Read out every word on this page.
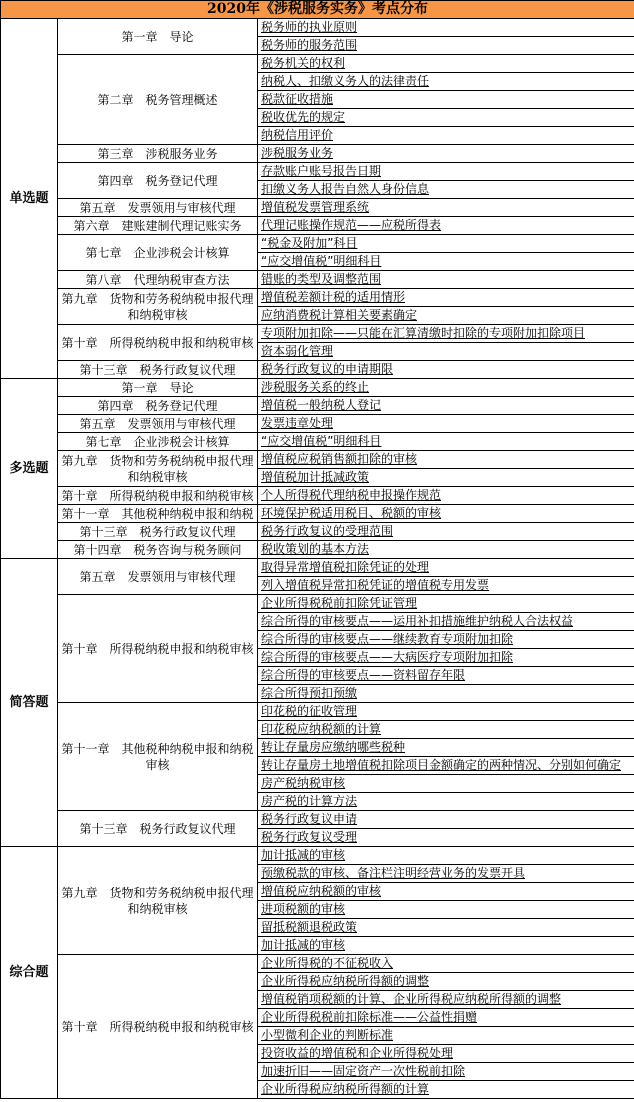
2020年《涉税服务实务》考点分布		
单选题	第一章　导论	税务师的执业原则
		税务师的服务范围
	第二章　税务管理概述	税务机关的权利
		纳税人、扣缴义务人的法律责任
		税款征收措施
		税收优先的规定
		纳税信用评价
	第三章　涉税服务业务	涉税服务业务
	第四章　税务登记代理	存款账户账号报告日期
		扣缴义务人报告自然人身份信息
	第五章　发票领用与审核代理	增值税发票管理系统
	第六章　建账建制代理记账实务	代理记账操作规范——应税所得表
	第七章　企业涉税会计核算	“税金及附加”科目
		“应交增值税”明细科目
	第八章　代理纳税审查方法	错账的类型及调整范围
	第九章　货物和劳务税纳税申报代理和纳税审核	增值税差额计税的适用情形
		应纳消费税计算相关要素确定
	第十章　所得税纳税申报和纳税审核	专项附加扣除——只能在汇算清缴时扣除的专项附加扣除项目
		资本弱化管理
	第十三章　税务行政复议代理	税务行政复议的申请期限
多选题	第一章　导论	涉税服务关系的终止
	第四章　税务登记代理	增值税一般纳税人登记
	第五章　发票领用与审核代理	发票违章处理
	第七章　企业涉税会计核算	“应交增值税”明细科目
	第九章　货物和劳务税纳税申报代理和纳税审核	增值税应税销售额扣除的审核
		增值税加计抵减政策
	第十章　所得税纳税申报和纳税审核	个人所得税代理纳税申报操作规范
	第十一章　其他税种纳税申报和纳税	环境保护税适用税目、税额的审核
	第十三章　税务行政复议代理	税务行政复议的受理范围
	第十四章　税务咨询与税务顾问	税收策划的基本方法
简答题	第五章　发票领用与审核代理	取得异常增值税扣除凭证的处理
		列入增值税异常扣税凭证的增值税专用发票
	第十章　所得税纳税申报和纳税审核	企业所得税税前扣除凭证管理
		综合所得的审核要点——运用补扣措施维护纳税人合法权益
		综合所得的审核要点——继续教育专项附加扣除
		综合所得的审核要点——大病医疗专项附加扣除
		综合所得的审核要点——资料留存年限
		综合所得预扣预缴
	第十一章　其他税种纳税申报和纳税审核	印花税的征收管理
		印花税应纳税额的计算
		转让存量房应缴纳哪些税种
		转让存量房土地增值税扣除项目金额确定的两种情况、分别如何确定
		房产税纳税审核
		房产税的计算方法
	第十三章　税务行政复议代理	税务行政复议申请
		税务行政复议受理
综合题	第九章　货物和劳务税纳税申报代理和纳税审核	加计抵减的审核
		预缴税款的审核、备注栏注明经营业务的发票开具
		增值税应纳税额的审核
		进项税额的审核
		留抵税额退税政策
		加计抵减的审核
	第十章　所得税纳税申报和纳税审核	企业所得税的不征税收入
		企业所得税应纳税所得额的调整
		增值税销项税额的计算、企业所得税应纳税所得额的调整
		企业所得税税前扣除标准——公益性捐赠
		小型微利企业的判断标准
		投资收益的增值税和企业所得税处理
		加速折旧——固定资产一次性税前扣除
		企业所得税应纳税所得额的计算
